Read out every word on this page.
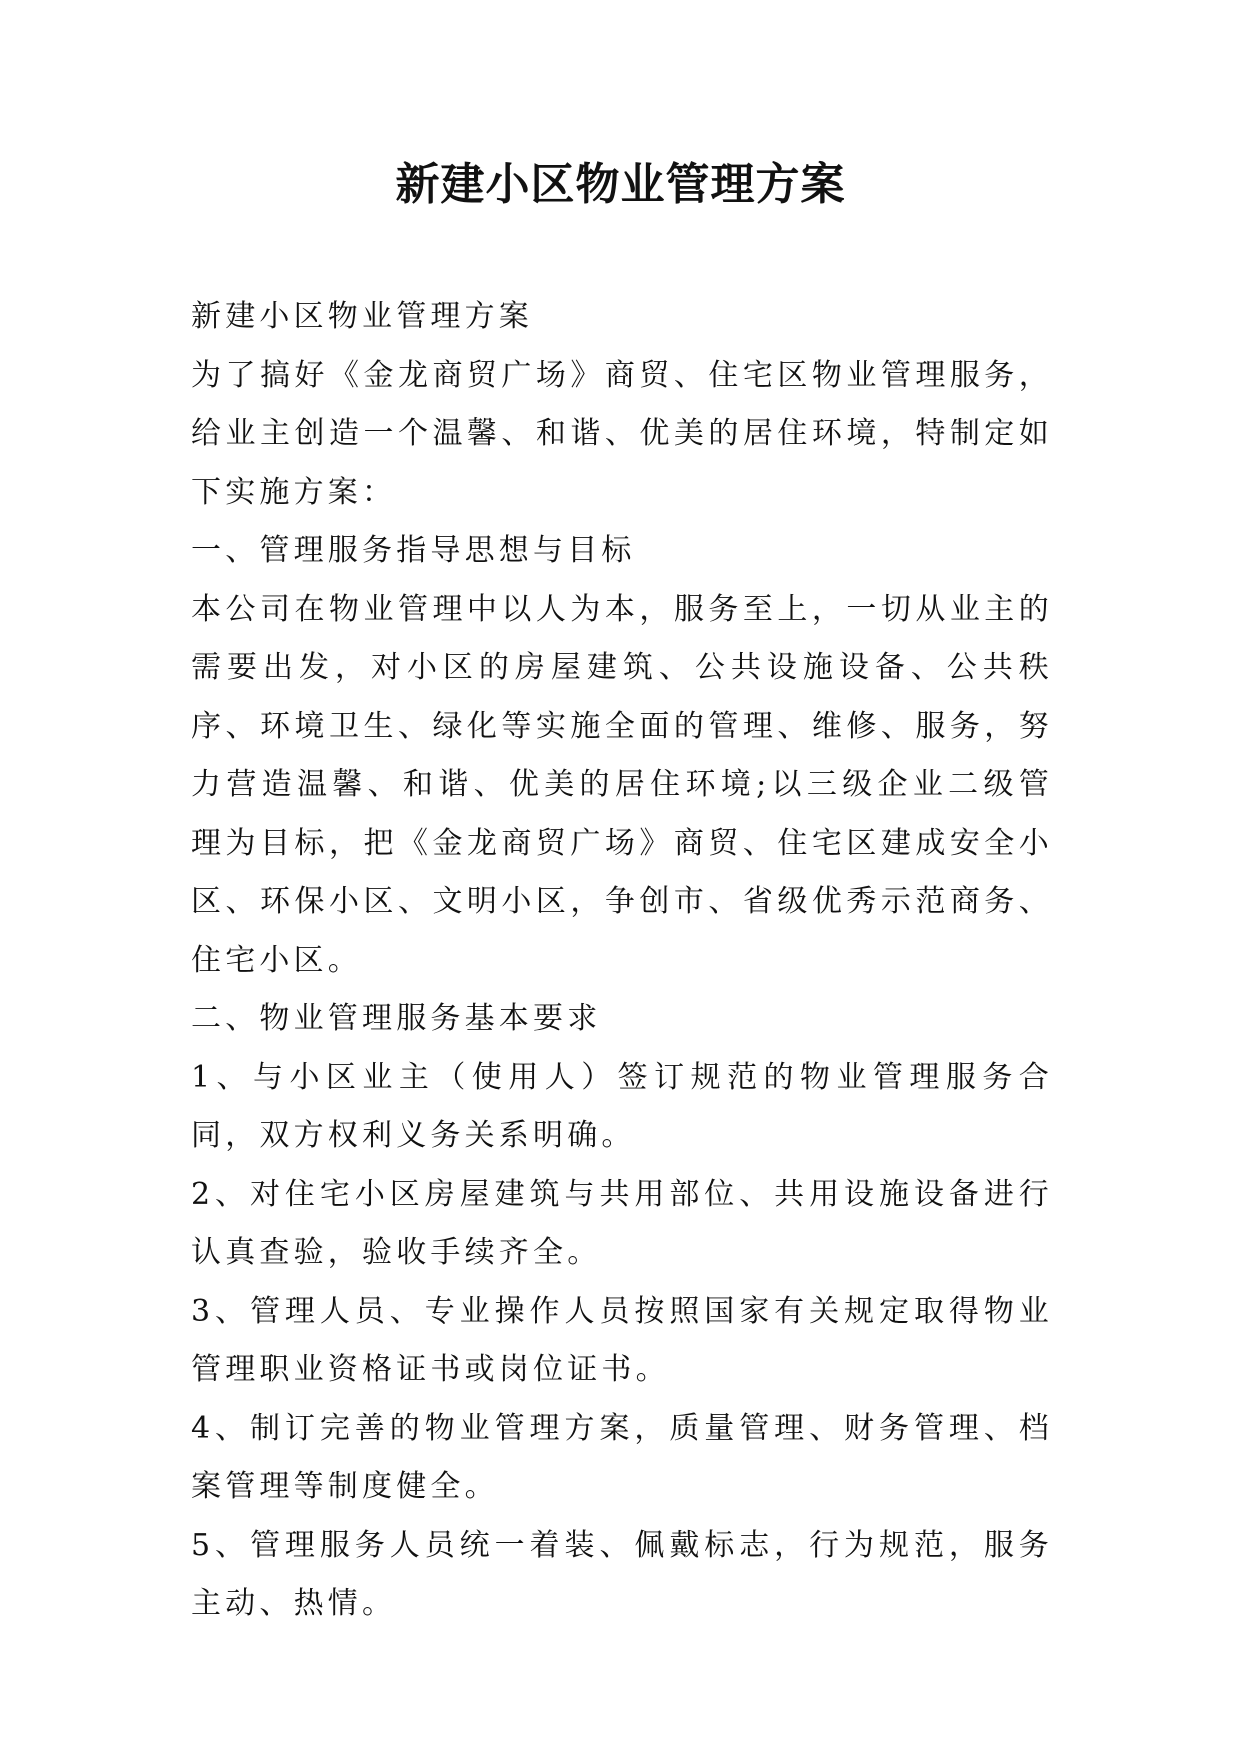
新建小区物业管理方案

新建小区物业管理方案

为了搞好《金龙商贸广场》商贸、住宅区物业管理服务，给业主创造一个温馨、和谐、优美的居住环境，特制定如下实施方案：

一、管理服务指导思想与目标

本公司在物业管理中以人为本，服务至上，一切从业主的需要出发，对小区的房屋建筑、公共设施设备、公共秩序、环境卫生、绿化等实施全面的管理、维修、服务，努力营造温馨、和谐、优美的居住环境;以三级企业二级管理为目标，把《金龙商贸广场》商贸、住宅区建成安全小区、环保小区、文明小区，争创市、省级优秀示范商务、住宅小区。

二、物业管理服务基本要求

1、与小区业主（使用人）签订规范的物业管理服务合同，双方权利义务关系明确。

2、对住宅小区房屋建筑与共用部位、共用设施设备进行认真查验，验收手续齐全。

3、管理人员、专业操作人员按照国家有关规定取得物业管理职业资格证书或岗位证书。

4、制订完善的物业管理方案，质量管理、财务管理、档案管理等制度健全。

5、管理服务人员统一着装、佩戴标志，行为规范，服务主动、热情。
